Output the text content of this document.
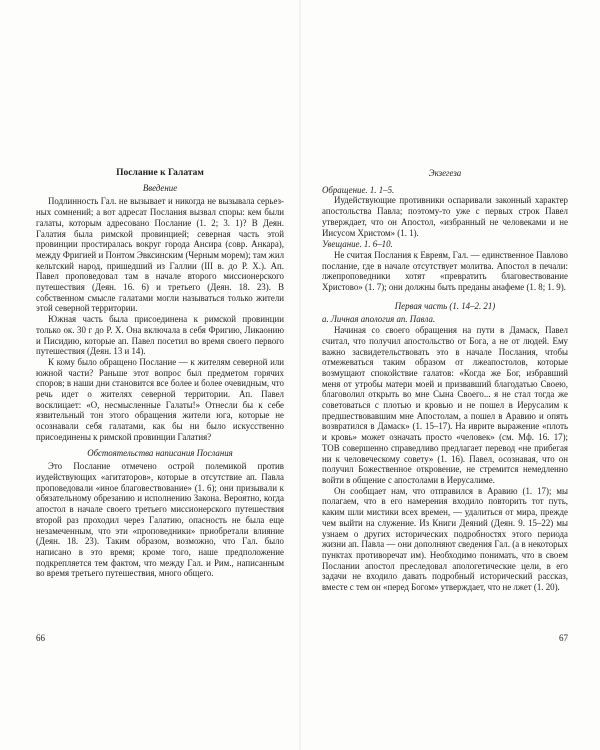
Послание к Галатам
Введение

Подлинность Гал. не вызывает и никогда не вызывала серьезных сомнений; а вот адресат Послания вызвал споры: кем были галаты, которым адресовано Послание (1. 2; 3. 1)? В Деян. Галатия была римской провинцией; северная часть этой провинции простиралась вокруг города Ансира (совр. Анкара), между Фригией и Понтом Эвксинским (Черным морем); там жил кельтский народ, пришедший из Галлии (III в. до Р. Х.). Ап. Павел проповедовал там в начале второго миссионерского путешествия (Деян. 16. 6) и третьего (Деян. 18. 23). В собственном смысле галатами могли называться только жители этой северной территории.

Южная часть была присоединена к римской провинции только ок. 30 г до Р. Х. Она включала в себя Фригию, Ликаонию и Писидию, которые ап. Павел посетил во время своего первого путешествия (Деян. 13 и 14).

К кому было обращено Послание — к жителям северной или южной части? Раньше этот вопрос был предметом горячих споров; в наши дни становится все более и более очевидным, что речь идет о жителях северной территории. Ап. Павел восклицает: «О, несмысленные Галаты!» Отнесли бы к себе язвительный тон этого обращения жители юга, которые не осознавали себя галатами, как бы ни было искусственно присоединены к римской провинции Галатия?

Обстоятельства написания Послания

Это Послание отмечено острой полемикой против иудействующих «агитаторов», которые в отсутствие ап. Павла проповедовали «иное благовествование» (1. 6); они призывали к обязательному обрезанию и исполнению Закона. Вероятно, когда апостол в начале своего третьего миссионерского путешествия второй раз проходил через Галатию, опасность не была еще незамеченным, что эти «проповедники» приобретали влияние (Деян. 18. 23). Таким образом, возможно, что Гал. было написано в это время; кроме того, наше предположение подкрепляется тем фактом, что между Гал. и Рим., написанным во время третьего путешествия, много общего.

66
Экзегеза

Обращение. 1. 1–5.

Иудействующие противники оспаривали законный характер апостольства Павла; поэтому-то уже с первых строк Павел утверждает, что он Апостол, «избранный не человеками и не Иисусом Христом» (1. 1).

Увещание. 1. 6–10.

Не считая Послания к Евреям, Гал. — единственное Павлово послание, где в начале отсутствует молитва. Апостол в печали: лжепроповедники хотят «превратить благовествование Христово» (1. 7); они должны быть преданы анафеме (1. 8; 1. 9).

Первая часть (1. 14–2. 21)

а. Личная апология ап. Павла.

Начиная со своего обращения на пути в Дамаск, Павел считал, что получил апостольство от Бога, а не от людей. Ему важно засвидетельствовать это в начале Послания, чтобы отмежеваться таким образом от лжеапостолов, которые возмущают спокойствие галатов: «Когда же Бог, избравший меня от утробы матери моей и призвавший благодатью Своею, благоволил открыть во мне Сына Своего... я не стал тогда же советоваться с плотью и кровью и не пошел в Иерусалим к предшествовавшим мне Апостолам, а пошел в Аравию и опять возвратился в Дамаск» (1. 15–17). На иврите выражение «плоть и кровь» может означать просто «человек» (см. Мф. 16. 17); ТОВ совершенно справедливо предлагает перевод «не прибегая ни к человеческому совету» (1. 16). Павел, осознавая, что он получил Божественное откровение, не стремится немедленно войти в общение с апостолами в Иерусалиме.

Он сообщает нам, что отправился в Аравию (1. 17); мы полагаем, что в его намерения входило повторить тот путь, каким шли мистики всех времен, — удалиться от мира, прежде чем выйти на служение. Из Книги Деяний (Деян. 9. 15–22) мы узнаем о других исторических подробностях этого периода жизни ап. Павла — они дополняют сведения Гал. (а в некоторых пунктах противоречат им). Необходимо понимать, что в своем Послании апостол преследовал апологетические цели, в его задачи не входило давать подробный исторический рассказ, вместе с тем он «перед Богом» утверждает, что не лжет (1. 20).

67
